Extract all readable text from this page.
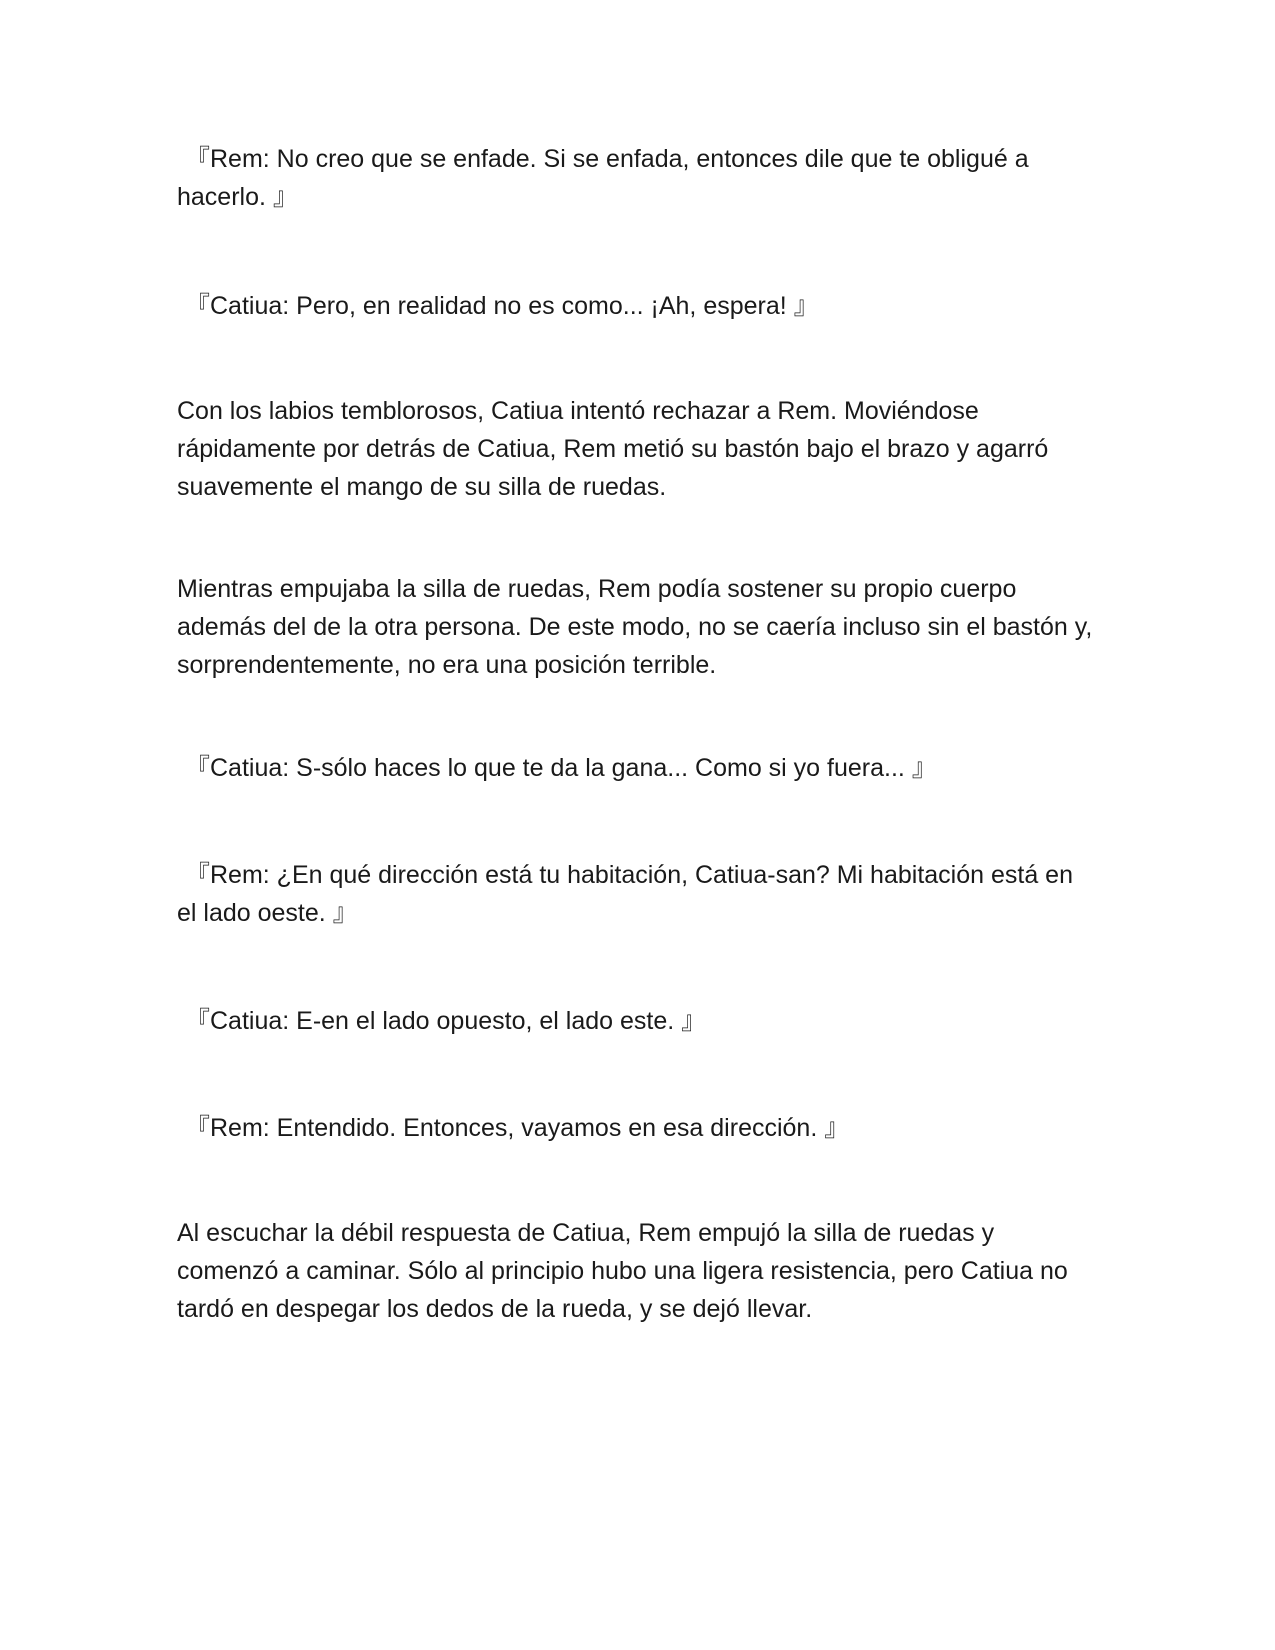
『Rem: No creo que se enfade. Si se enfada, entonces dile que te obligué a hacerlo. 』

『Catiua: Pero, en realidad no es como... ¡Ah, espera! 』

Con los labios temblorosos, Catiua intentó rechazar a Rem. Moviéndose rápidamente por detrás de Catiua, Rem metió su bastón bajo el brazo y agarró suavemente el mango de su silla de ruedas.

Mientras empujaba la silla de ruedas, Rem podía sostener su propio cuerpo además del de la otra persona. De este modo, no se caería incluso sin el bastón y, sorprendentemente, no era una posición terrible.

『Catiua: S-sólo haces lo que te da la gana... Como si yo fuera... 』

『Rem: ¿En qué dirección está tu habitación, Catiua-san? Mi habitación está en el lado oeste. 』

『Catiua: E-en el lado opuesto, el lado este. 』

『Rem: Entendido. Entonces, vayamos en esa dirección. 』

Al escuchar la débil respuesta de Catiua, Rem empujó la silla de ruedas y comenzó a caminar. Sólo al principio hubo una ligera resistencia, pero Catiua no tardó en despegar los dedos de la rueda, y se dejó llevar.
